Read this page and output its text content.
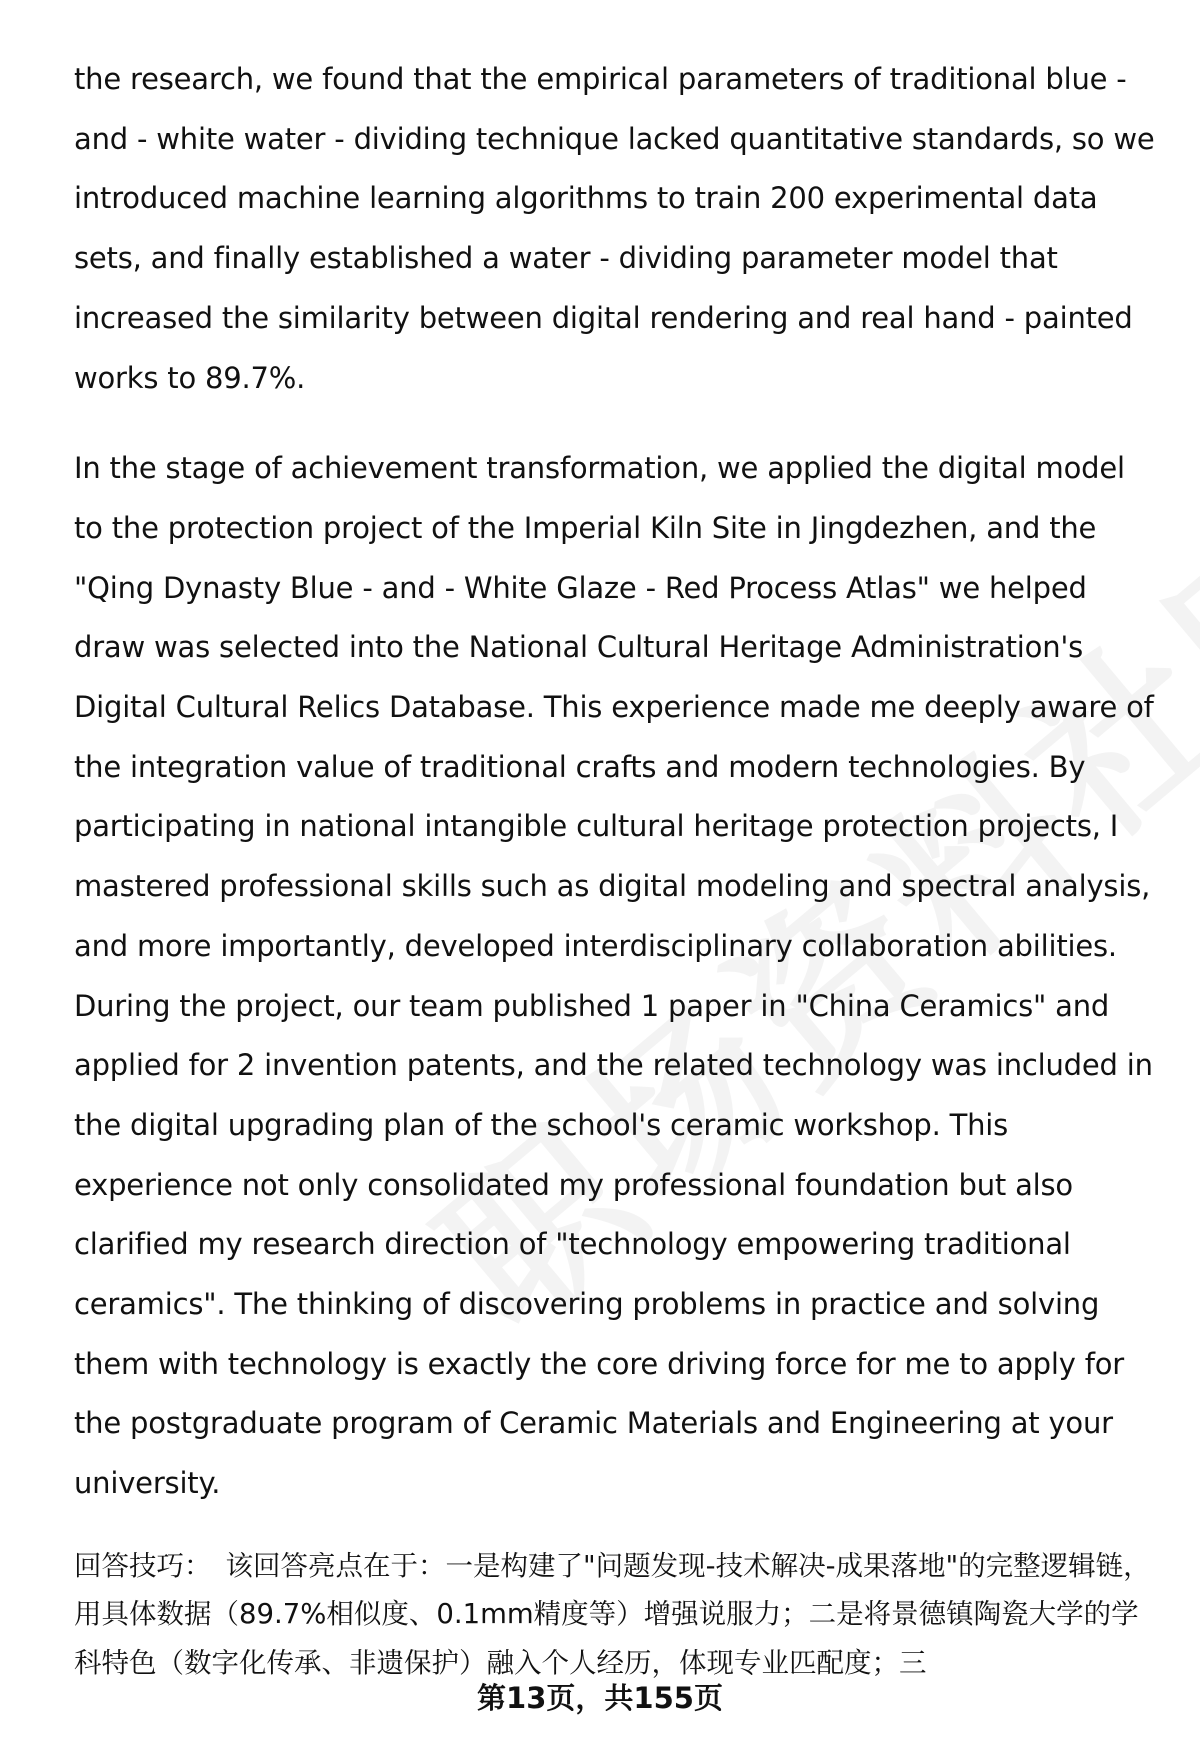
the research, we found that the empirical parameters of traditional blue - and - white water - dividing technique lacked quantitative standards, so we introduced machine learning algorithms to train 200 experimental data sets, and finally established a water - dividing parameter model that increased the similarity between digital rendering and real hand - painted works to 89.7%.

In the stage of achievement transformation, we applied the digital model to the protection project of the Imperial Kiln Site in Jingdezhen, and the "Qing Dynasty Blue - and - White Glaze - Red Process Atlas" we helped draw was selected into the National Cultural Heritage Administration's Digital Cultural Relics Database. This experience made me deeply aware of the integration value of traditional crafts and modern technologies. By participating in national intangible cultural heritage protection projects, I mastered professional skills such as digital modeling and spectral analysis, and more importantly, developed interdisciplinary collaboration abilities. During the project, our team published 1 paper in "China Ceramics" and applied for 2 invention patents, and the related technology was included in the digital upgrading plan of the school's ceramic workshop. This experience not only consolidated my professional foundation but also clarified my research direction of "technology empowering traditional ceramics". The thinking of discovering problems in practice and solving them with technology is exactly the core driving force for me to apply for the postgraduate program of Ceramic Materials and Engineering at your university.

回答技巧： 该回答亮点在于：一是构建了"问题发现-技术解决-成果落地"的完整逻辑链，用具体数据（89.7%相似度、0.1mm精度等）增强说服力；二是将景德镇陶瓷大学的学科特色（数字化传承、非遗保护）融入个人经历，体现专业匹配度；三

第13页，共155页
